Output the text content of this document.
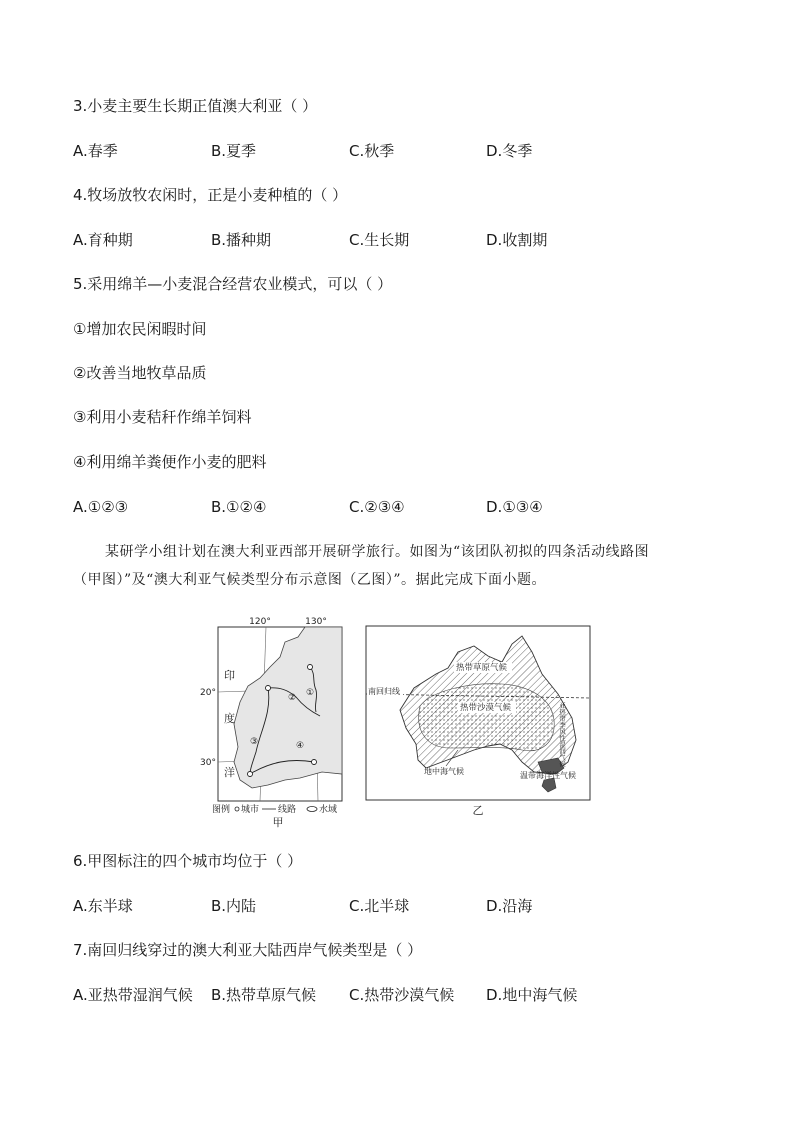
3.小麦主要生长期正值澳大利亚（ ）
A.春季	B.夏季	C.秋季	D.冬季
4.牧场放牧农闲时，正是小麦种植的（ ）
A.育种期	B.播种期	C.生长期	D.收割期
5.采用绵羊—小麦混合经营农业模式，可以（ ）
①增加农民闲暇时间
②改善当地牧草品质
③利用小麦秸秆作绵羊饲料
④利用绵羊粪便作小麦的肥料
A.①②③	B.①②④	C.②③④	D.①③④

某研学小组计划在澳大利亚西部开展研学旅行。如图为“该团队初拟的四条活动线路图

（甲图）”及“澳大利亚气候类型分布示意图（乙图）”。据此完成下面小题。

120°	130°
20°
30°
印
度
洋
①
②
③	④
图例 城市 线路	水域
甲
南回归线
热带草原气候
热带沙漠气候	亚热带季风性湿润气候
地中海气候	温带海洋性气候
乙
6.甲图标注的四个城市均位于（ ）
A.东半球	B.内陆	C.北半球	D.沿海
7.南回归线穿过的澳大利亚大陆西岸气候类型是（ ）
A.亚热带湿润气候 B.热带草原气候 C.热带沙漠气候 D.地中海气候
